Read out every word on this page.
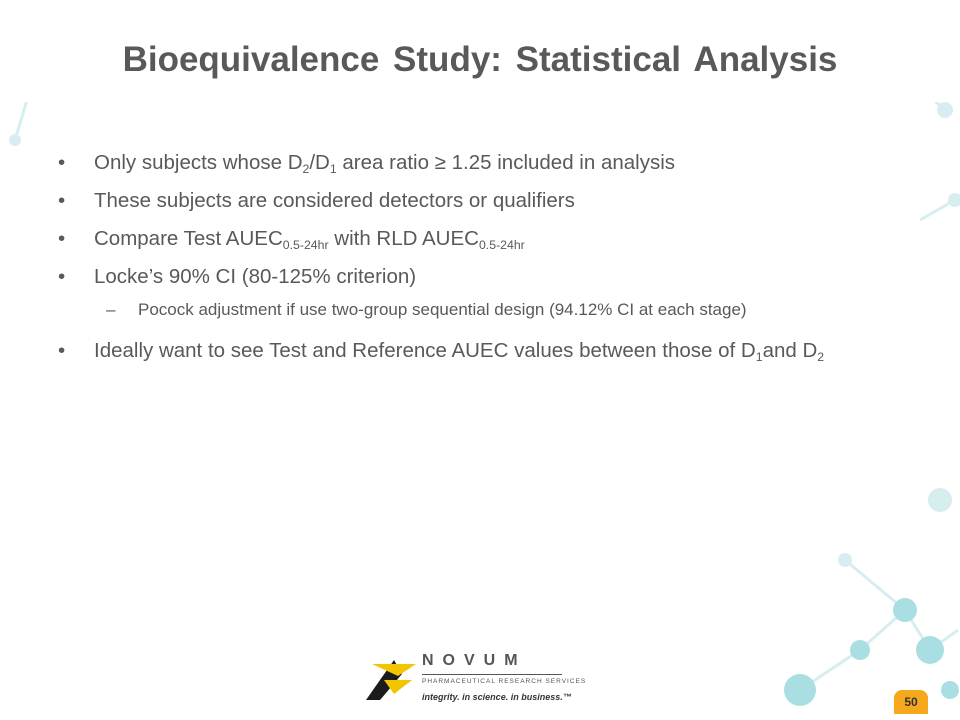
Bioequivalence Study: Statistical Analysis
• Only subjects whose $D_2/D_1$ area ratio ≥ 1.25 included in analysis
• These subjects are considered detectors or qualifiers
• Compare Test $AUEC_{0.5-24hr}$ with RLD $AUEC_{0.5-24hr}$
• Locke’s 90% CI (80-125% criterion)
– Pocock adjustment if use two-group sequential design (94.12% CI at each stage)
• Ideally want to see Test and Reference AUEC values between those of $D_1and$ $D_2$
NOVUM
PHARMACEUTICAL RESEARCH SERVICES
integrity. in science. in business.™	50
